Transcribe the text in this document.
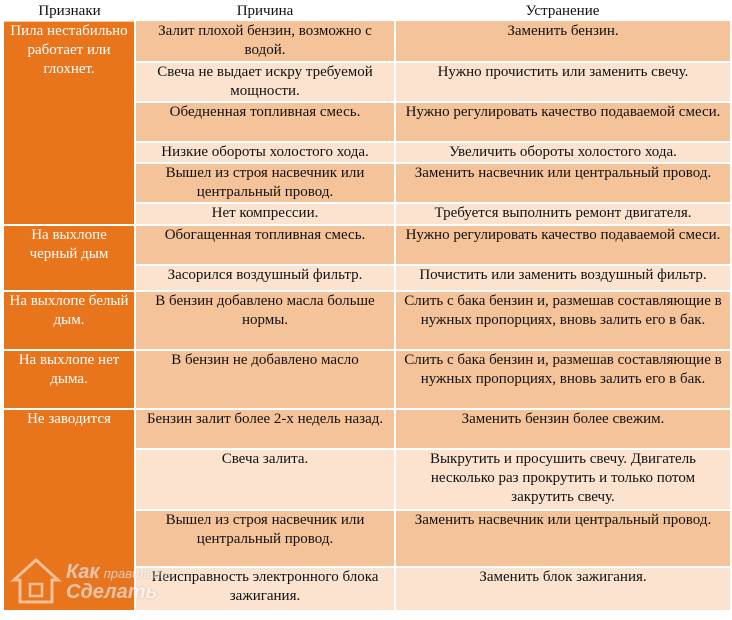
Признаки	Причина	Устранение
Пила нестабильно работает или глохнет.	Залит плохой бензин, возможно с водой.	Заменить бензин.
	Свеча не выдает искру требуемой мощности.	Нужно прочистить или заменить свечу.
	Обедненная топливная смесь.	Нужно регулировать качество подаваемой смеси.
	Низкие обороты холостого хода.	Увеличить обороты холостого хода.
	Вышел из строя насвечник или центральный провод.	Заменить насвечник или центральный провод.
	Нет компрессии.	Требуется выполнить ремонт двигателя.
На выхлопе черный дым	Обогащенная топливная смесь.	Нужно регулировать качество подаваемой смеси.
	Засорился воздушный фильтр.	Почистить или заменить воздушный фильтр.
На выхлопе белый дым.	В бензин добавлено масла больше нормы.	Слить с бака бензин и, размешав составляющие в нужных пропорциях, вновь залить его в бак.
На выхлопе нет дыма.	В бензин не добавлено масло	Слить с бака бензин и, размешав составляющие в нужных пропорциях, вновь залить его в бак.
Не заводится	Бензин залит более 2-х недель назад.	Заменить бензин более свежим.
	Свеча залита.	Выкрутить и просушить свечу. Двигатель несколько раз прокрутить и только потом закрутить свечу.
	Вышел из строя насвечник или центральный провод.	Заменить насвечник или центральный провод.
	Неисправность электронного блока зажигания.	Заменить блок зажигания.
Как правильно
Сделать
